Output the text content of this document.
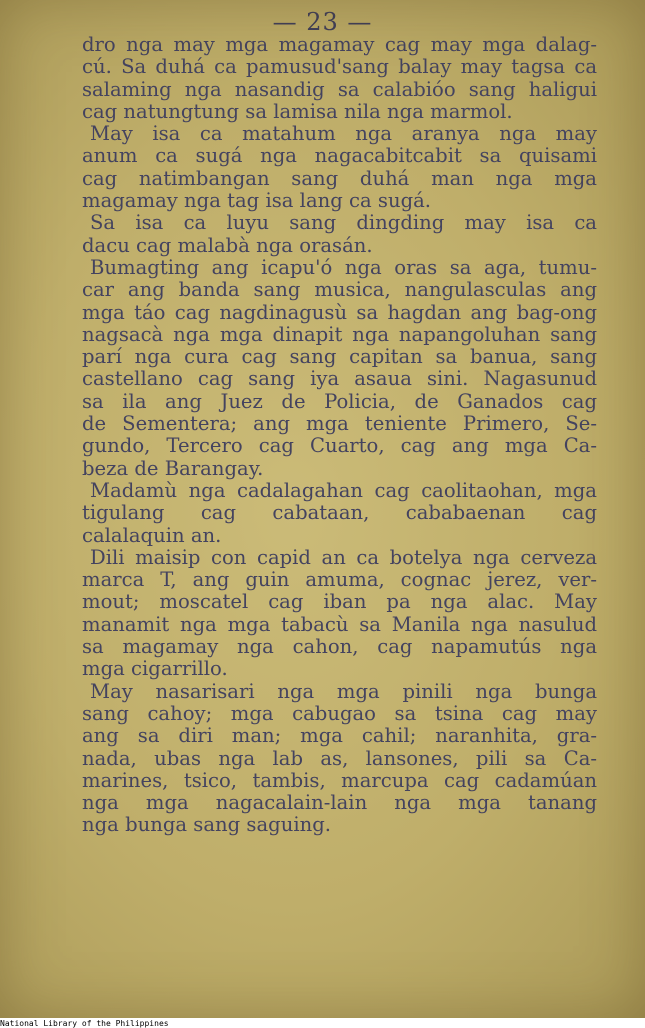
— 23 —
dro nga may mga magamay cag may mga dalag-
cú. Sa duhá ca pamusud'sang balay may tagsa ca
salaming nga nasandig sa calabióo sang haligui
cag natungtung sa lamisa nila nga marmol.
May isa ca matahum nga aranya nga may
anum ca sugá nga nagacabitcabit sa quisami
cag natimbangan sang duhá man nga mga
magamay nga tag isa lang ca sugá.
Sa isa ca luyu sang dingding may isa ca
dacu cag malabà nga orasán.
Bumagting ang icapu'ó nga oras sa aga, tumu-
car ang banda sang musica, nangulasculas ang
mga táo cag nagdinagusù sa hagdan ang bag-ong
nagsacà nga mga dinapit nga napangoluhan sang
parí nga cura cag sang capitan sa banua, sang
castellano cag sang iya asaua sini. Nagasunud
sa ila ang Juez de Policia, de Ganados cag
de Sementera; ang mga teniente Primero, Se-
gundo, Tercero cag Cuarto, cag ang mga Ca-
beza de Barangay.
Madamù nga cadalagahan cag caolitaohan, mga
tigulang cag cabataan, cababaenan cag
calalaquin an.
Dili maisip con capid an ca botelya nga cerveza
marca T, ang guin amuma, cognac jerez, ver-
mout; moscatel cag iban pa nga alac. May
manamit nga mga tabacù sa Manila nga nasulud
sa magamay nga cahon, cag napamutús nga
mga cigarrillo.
May nasarisari nga mga pinili nga bunga
sang cahoy; mga cabugao sa tsina cag may
ang sa diri man; mga cahil; naranhita, gra-
nada, ubas nga lab as, lansones, pili sa Ca-
marines, tsico, tambis, marcupa cag cadamúan
nga mga nagacalain-lain nga mga tanang
nga bunga sang saguing.
National Library of the Philippines
